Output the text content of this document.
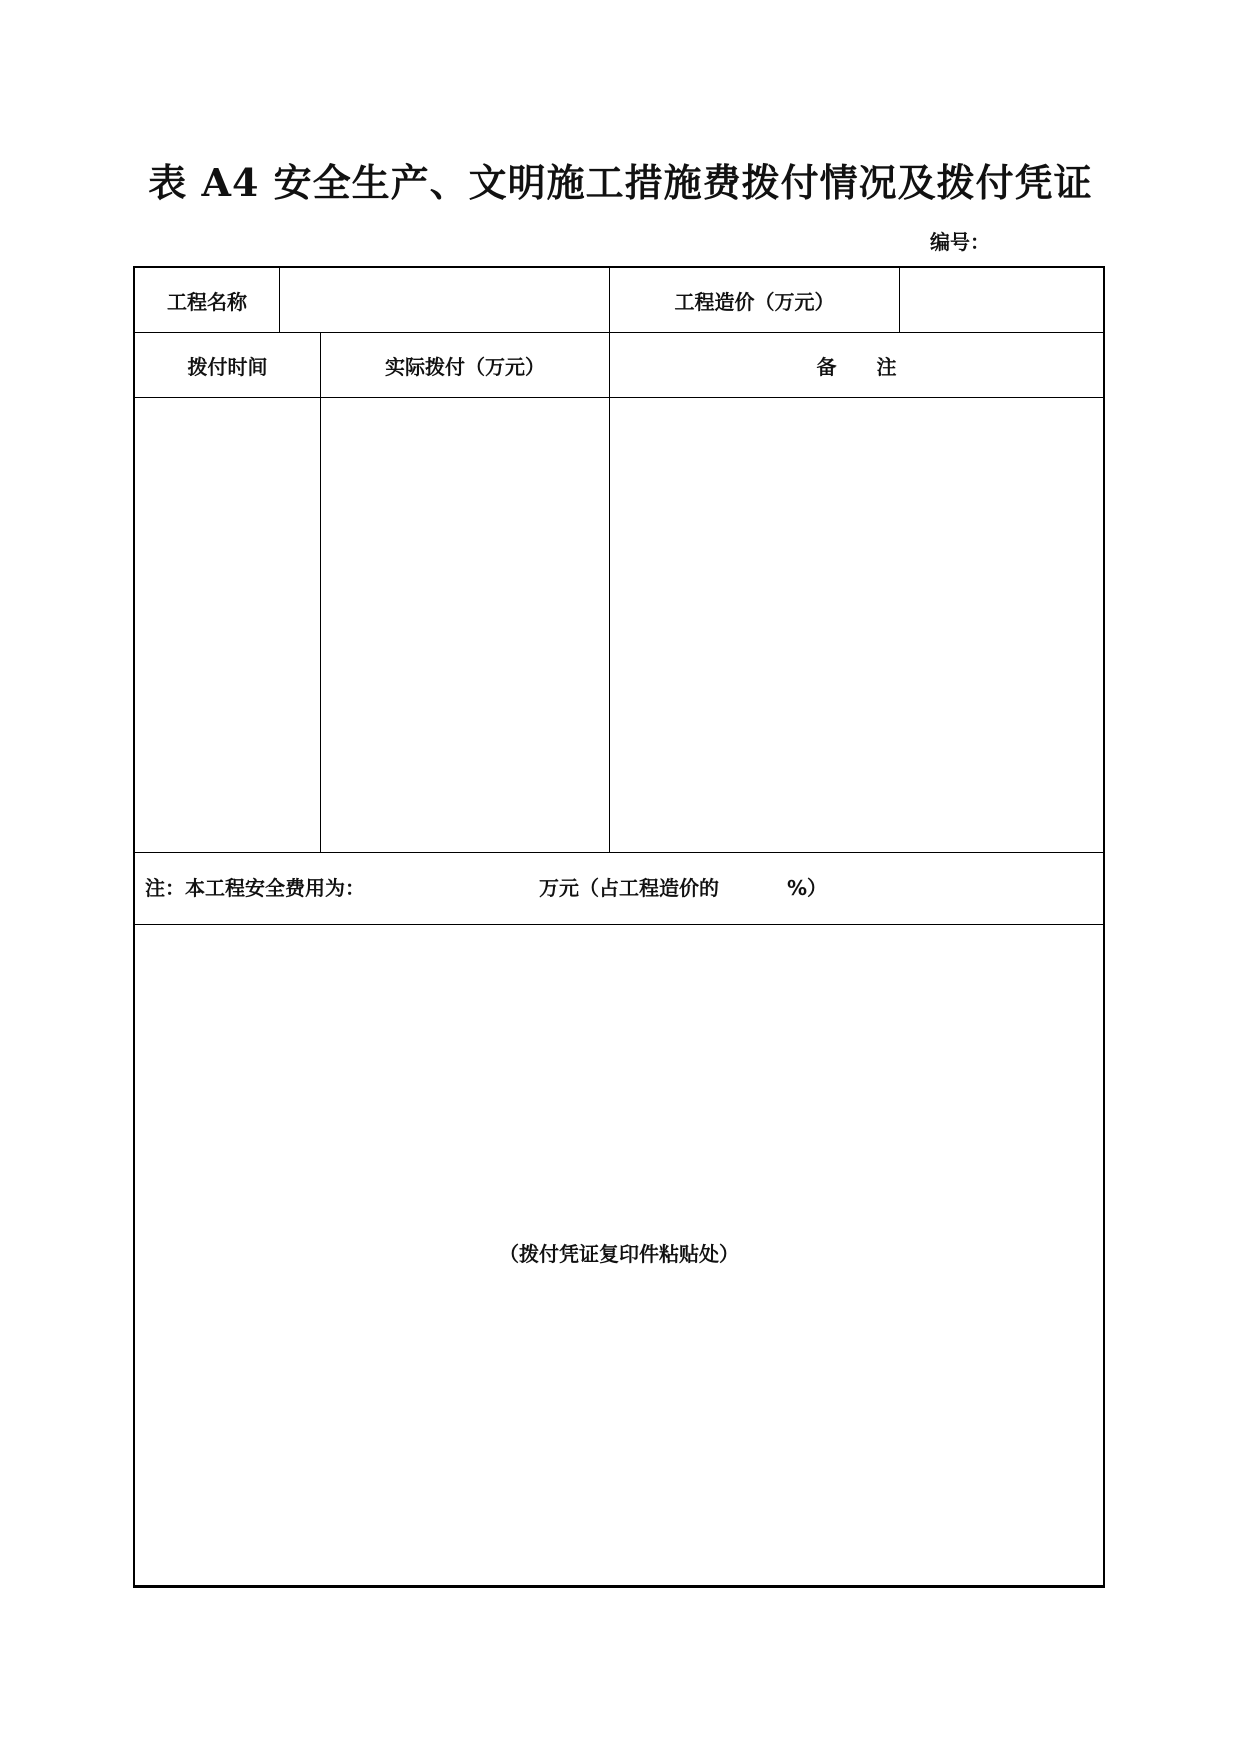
表 A4 安全生产、文明施工措施费拨付情况及拨付凭证
编号：
工程名称	工程造价（万元）
拨付时间	实际拨付（万元）	备　　注
注：本工程安全费用为：	万元（占工程造价的	%）
（拨付凭证复印件粘贴处）
